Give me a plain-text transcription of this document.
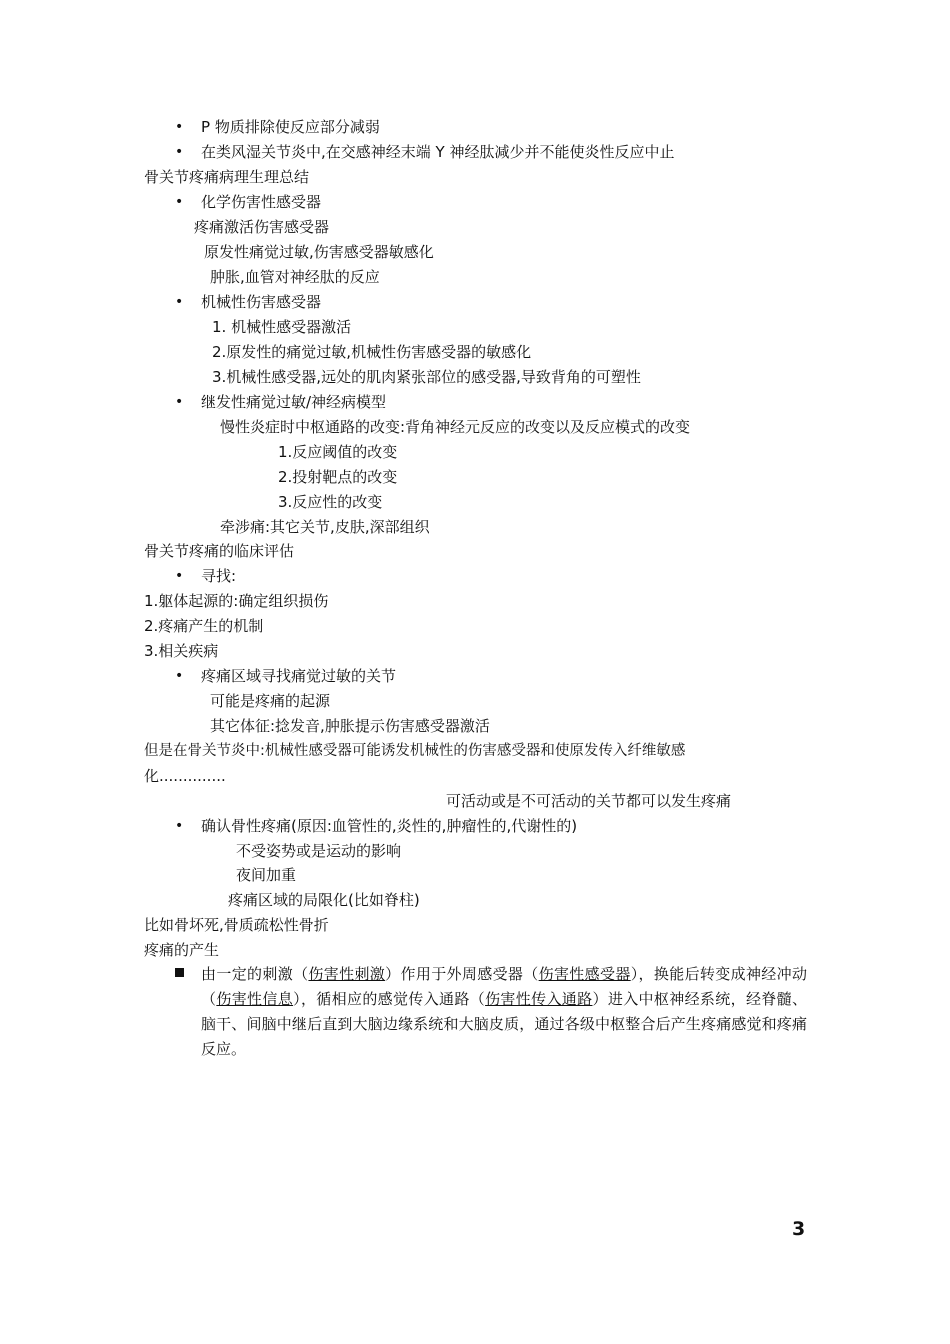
•
•
•
•
•
•
•
•
P 物质排除使反应部分减弱
在类风湿关节炎中,在交感神经末端 Y 神经肽减少并不能使炎性反应中止
骨关节疼痛病理生理总结
化学伤害性感受器
疼痛激活伤害感受器
原发性痛觉过敏,伤害感受器敏感化
肿胀,血管对神经肽的反应
机械性伤害感受器
1. 机械性感受器激活
2.原发性的痛觉过敏,机械性伤害感受器的敏感化
3.机械性感受器,远处的肌肉紧张部位的感受器,导致背角的可塑性
继发性痛觉过敏/神经病模型
慢性炎症时中枢通路的改变:背角神经元反应的改变以及反应模式的改变
1.反应阈值的改变
2.投射靶点的改变
3.反应性的改变
牵涉痛:其它关节,皮肤,深部组织
骨关节疼痛的临床评估
寻找:
1.躯体起源的:确定组织损伤
2.疼痛产生的机制
3.相关疾病
疼痛区域寻找痛觉过敏的关节
可能是疼痛的起源
其它体征:捻发音,肿胀提示伤害感受器激活
但是在骨关节炎中:机械性感受器可能诱发机械性的伤害感受器和使原发传入纤维敏感
化..............
可活动或是不可活动的关节都可以发生疼痛
确认骨性疼痛(原因:血管性的,炎性的,肿瘤性的,代谢性的)
不受姿势或是运动的影响
夜间加重
疼痛区域的局限化(比如脊柱)
比如骨坏死,骨质疏松性骨折
疼痛的产生
由一定的刺激（伤害性刺激）作用于外周感受器（伤害性感受器），换能后转变成神经冲动（伤害性信息），循相应的感觉传入通路（伤害性传入通路）进入中枢神经系统，经脊髓、脑干、间脑中继后直到大脑边缘系统和大脑皮质，通过各级中枢整合后产生疼痛感觉和疼痛反应。
3
